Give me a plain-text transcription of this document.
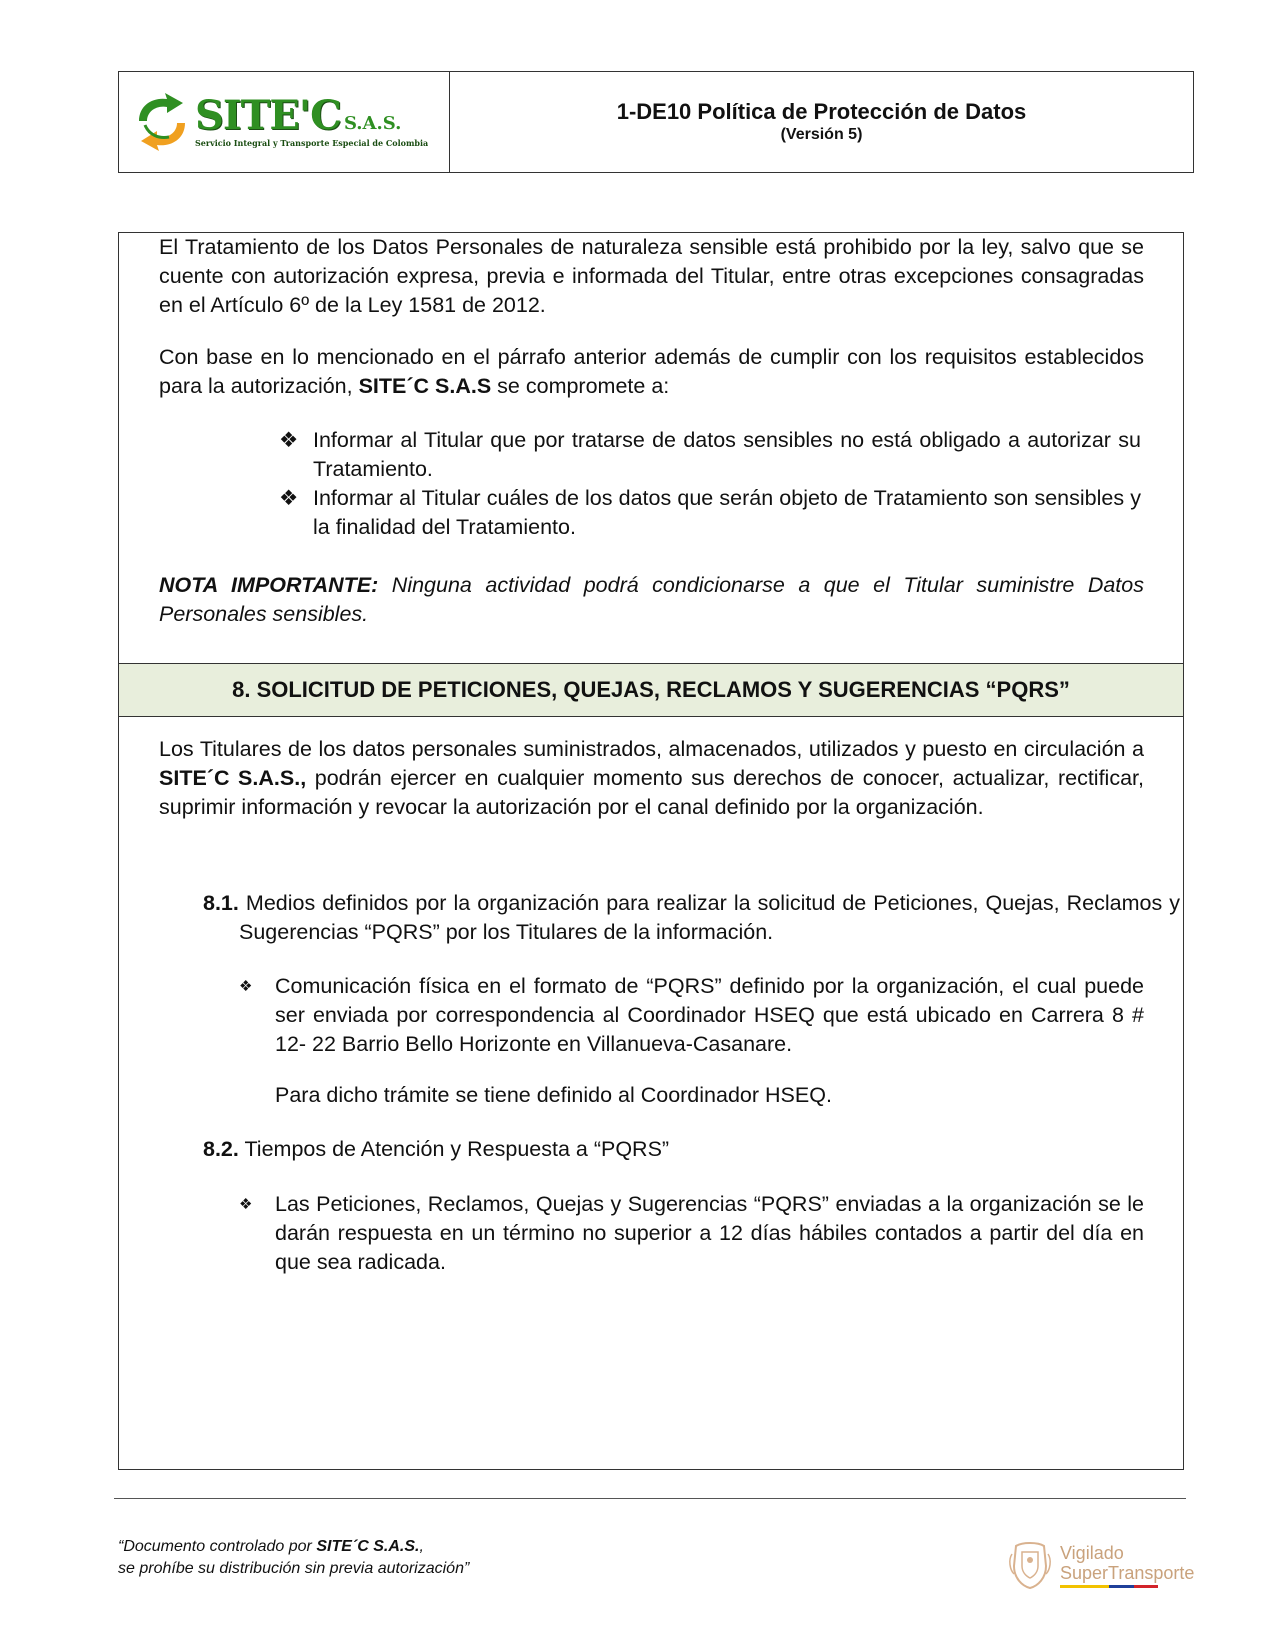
SITE'C S.A.S.
Servicio Integral y Transporte Especial de Colombia
1-DE10 Política de Protección de Datos
(Versión 5)
El Tratamiento de los Datos Personales de naturaleza sensible está prohibido por la ley, salvo que se cuente con autorización expresa, previa e informada del Titular, entre otras excepciones consagradas en el Artículo 6º de la Ley 1581 de 2012.
Con base en lo mencionado en el párrafo anterior además de cumplir con los requisitos establecidos para la autorización, SITE´C S.A.S se compromete a:
❖ Informar al Titular que por tratarse de datos sensibles no está obligado a autorizar su Tratamiento.
❖ Informar al Titular cuáles de los datos que serán objeto de Tratamiento son sensibles y la finalidad del Tratamiento.
NOTA IMPORTANTE: Ninguna actividad podrá condicionarse a que el Titular suministre Datos Personales sensibles.
8. SOLICITUD DE PETICIONES, QUEJAS, RECLAMOS Y SUGERENCIAS “PQRS”
Los Titulares de los datos personales suministrados, almacenados, utilizados y puesto en circulación a SITE´C S.A.S., podrán ejercer en cualquier momento sus derechos de conocer, actualizar, rectificar, suprimir información y revocar la autorización por el canal definido por la organización.
8.1. Medios definidos por la organización para realizar la solicitud de Peticiones, Quejas, Reclamos y Sugerencias “PQRS” por los Titulares de la información.
❖	Comunicación física en el formato de “PQRS” definido por la organización, el cual puede ser enviada por correspondencia al Coordinador HSEQ que está ubicado en Carrera 8 # 12- 22 Barrio Bello Horizonte en Villanueva-Casanare.
Para dicho trámite se tiene definido al Coordinador HSEQ.
8.2. Tiempos de Atención y Respuesta a “PQRS”
❖	Las Peticiones, Reclamos, Quejas y Sugerencias “PQRS” enviadas a la organización se le darán respuesta en un término no superior a 12 días hábiles contados a partir del día en que sea radicada.
“Documento controlado por SITE´C S.A.S.,
se prohíbe su distribución sin previa autorización”
Vigilado
SuperTransporte
